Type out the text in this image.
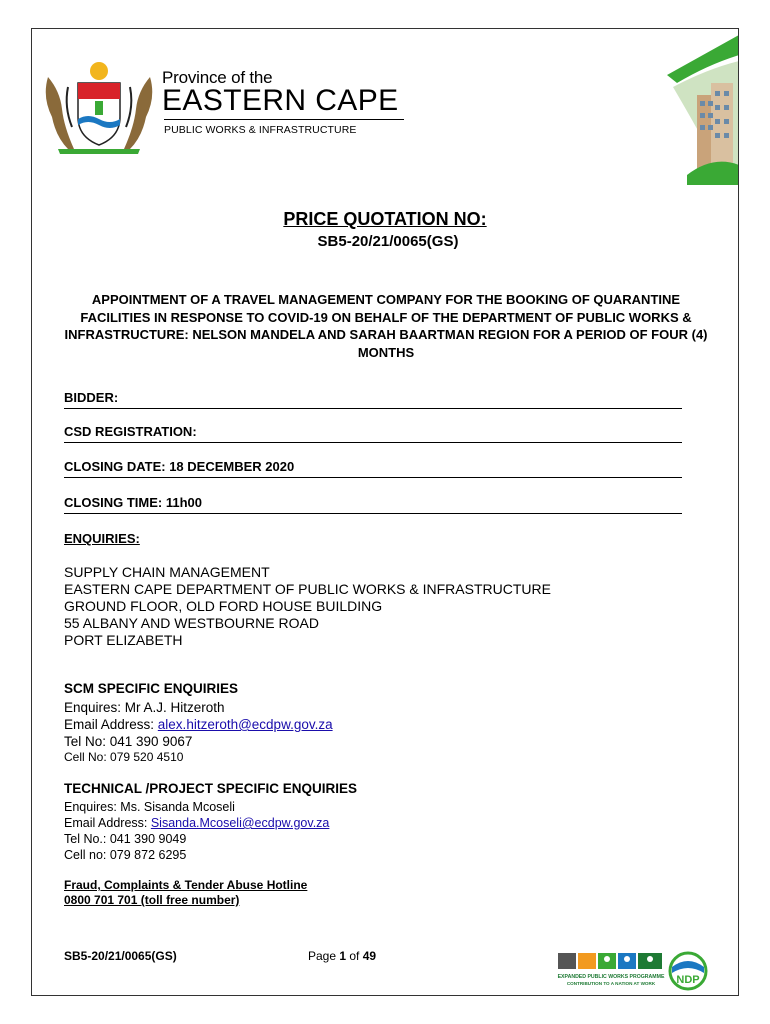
Province of the
EASTERN CAPE
PUBLIC WORKS & INFRASTRUCTURE
PRICE QUOTATION NO:
SB5-20/21/0065(GS)
APPOINTMENT OF A TRAVEL MANAGEMENT COMPANY FOR THE BOOKING OF QUARANTINE FACILITIES IN RESPONSE TO COVID-19 ON BEHALF OF THE DEPARTMENT OF PUBLIC WORKS & INFRASTRUCTURE: NELSON MANDELA AND SARAH BAARTMAN REGION FOR A PERIOD OF FOUR (4) MONTHS
BIDDER:
CSD REGISTRATION:
CLOSING DATE: 18 DECEMBER 2020
CLOSING TIME: 11h00
ENQUIRIES:
SUPPLY CHAIN MANAGEMENT
EASTERN CAPE DEPARTMENT OF PUBLIC WORKS & INFRASTRUCTURE
GROUND FLOOR, OLD FORD HOUSE BUILDING
55 ALBANY AND WESTBOURNE ROAD
PORT ELIZABETH
SCM SPECIFIC ENQUIRIES
Enquires: Mr A.J. Hitzeroth
Email Address: alex.hitzeroth@ecdpw.gov.za
Tel No: 041 390 9067
Cell No: 079 520 4510
TECHNICAL /PROJECT SPECIFIC ENQUIRIES
Enquires: Ms. Sisanda Mcoseli
Email Address: Sisanda.Mcoseli@ecdpw.gov.za
Tel No.: 041 390 9049
Cell no: 079 872 6295
Fraud, Complaints & Tender Abuse Hotline
0800 701 701 (toll free number)
SB5-20/21/0065(GS)	Page 1 of 49
EXPANDED PUBLIC WORKS PROGRAMME
CONTRIBUTION TO A NATION AT WORK NDP
